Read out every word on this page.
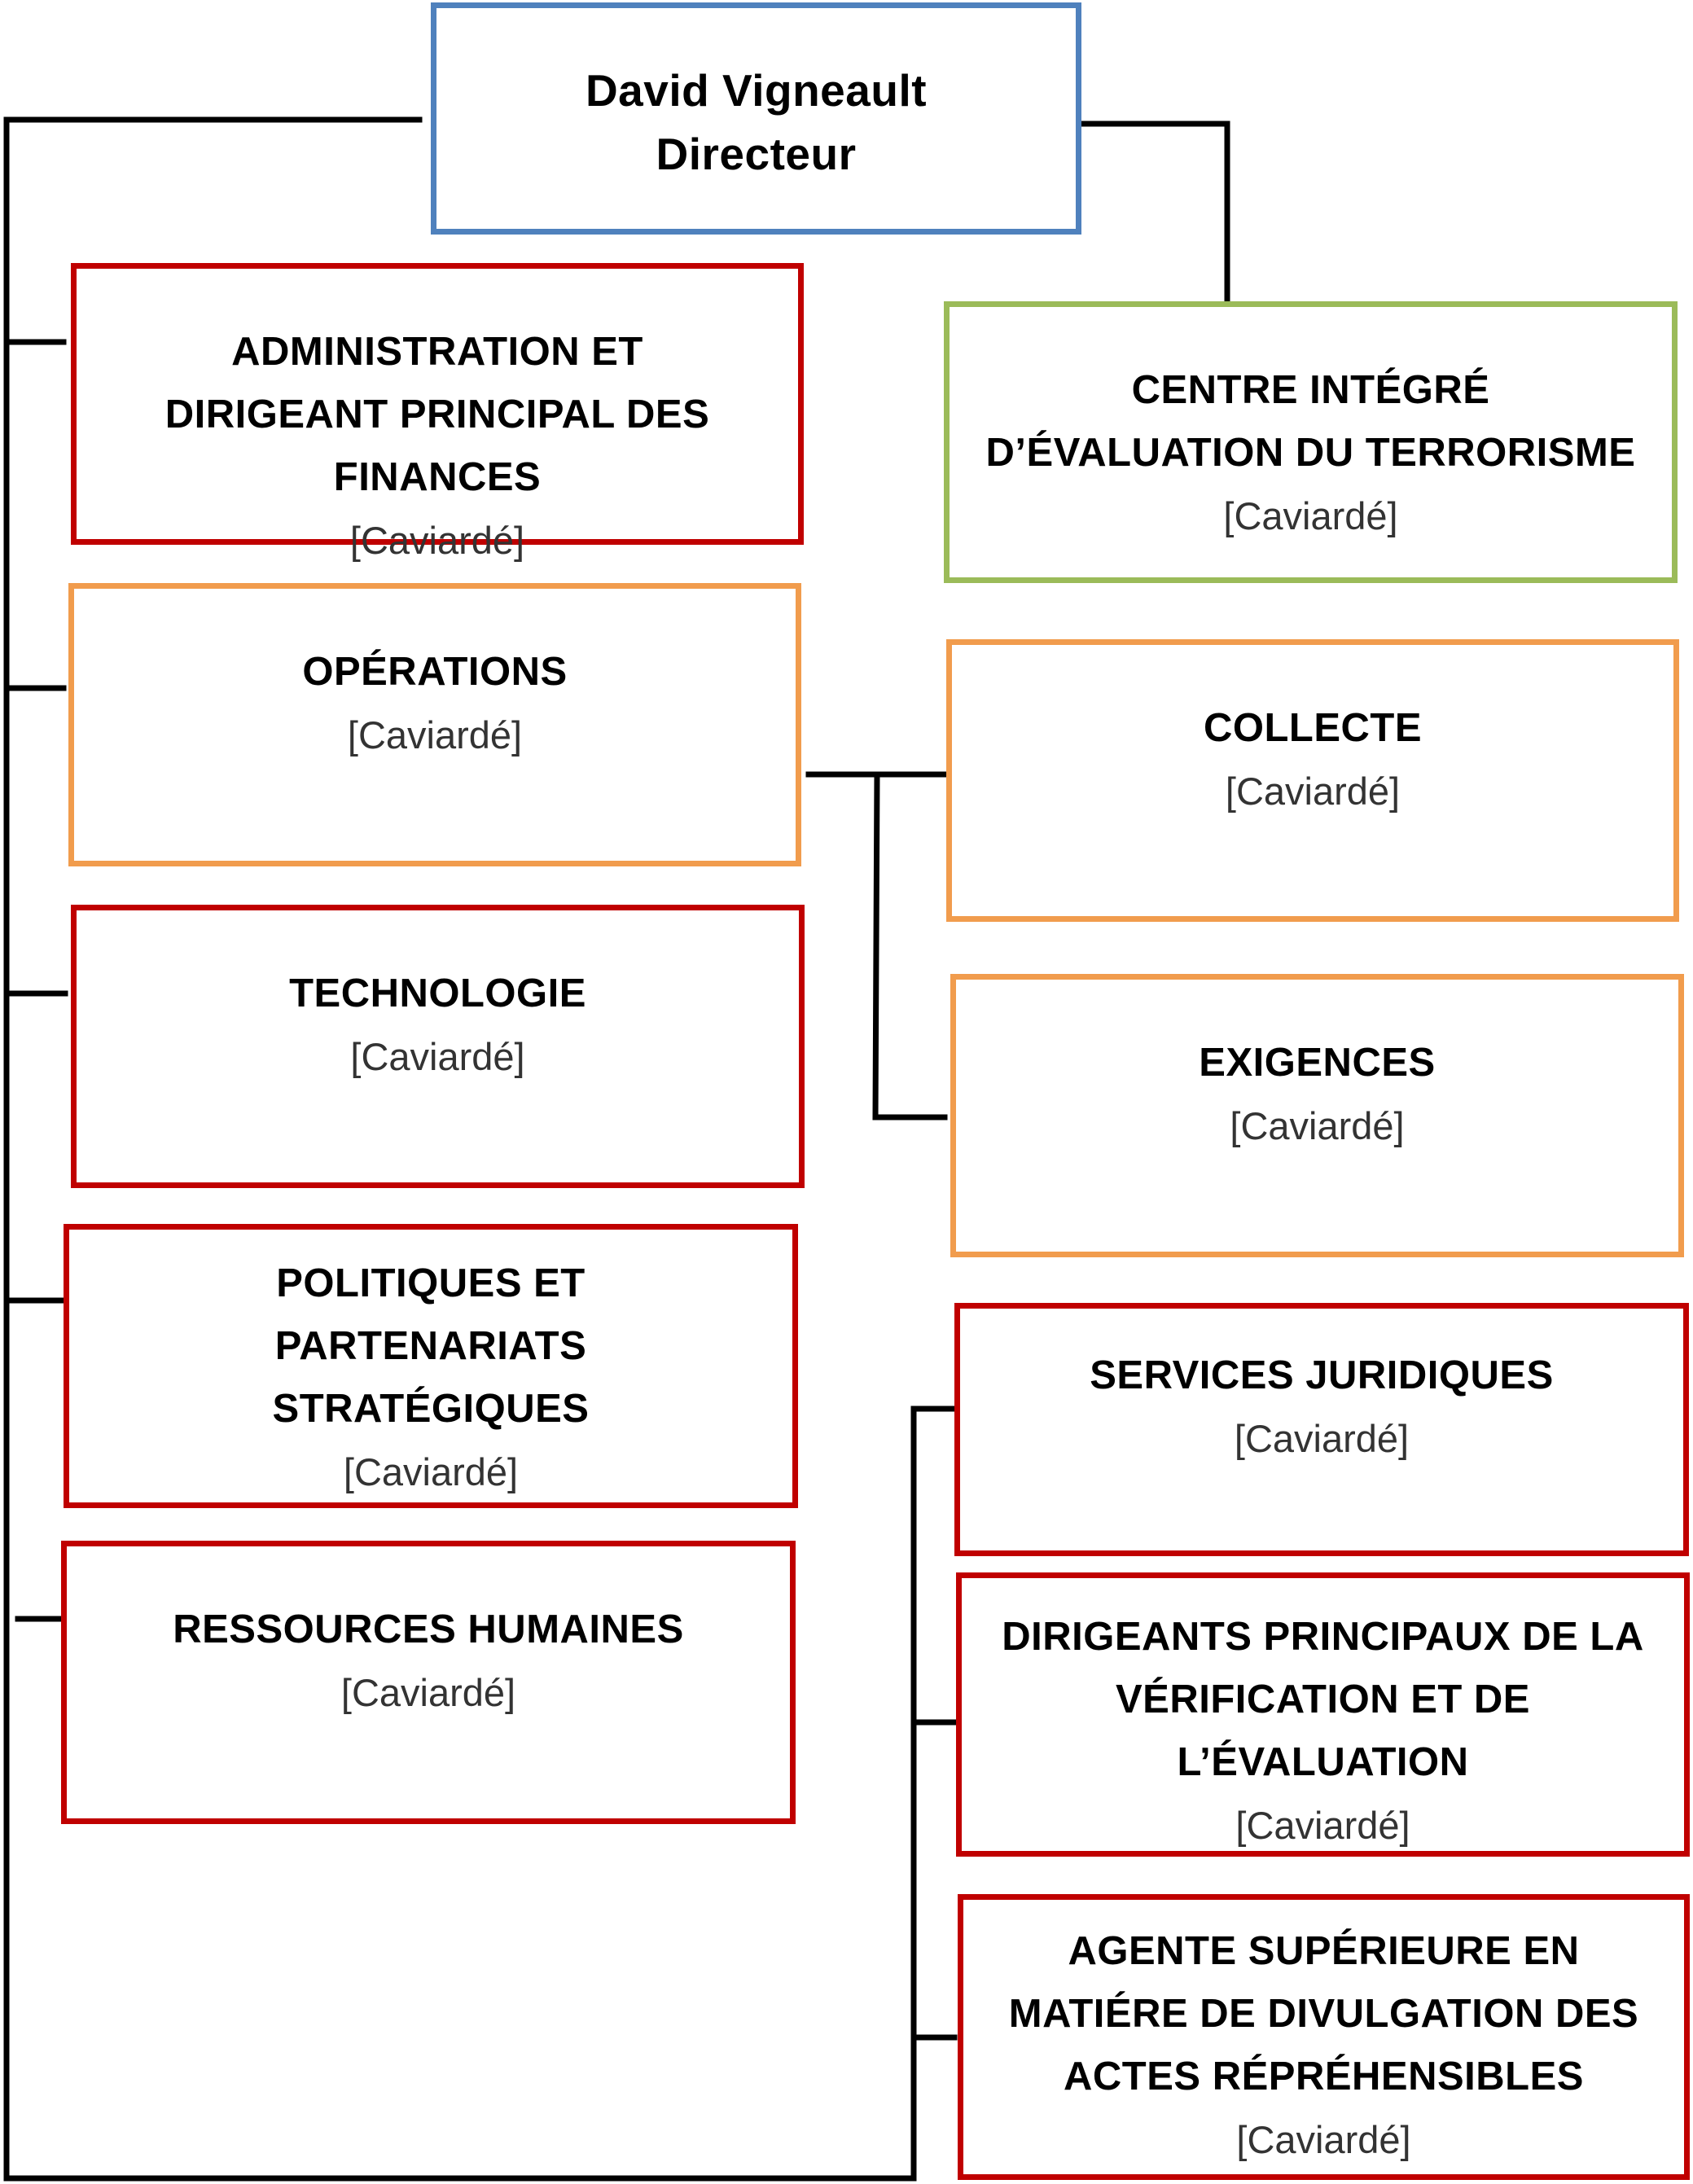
David Vigneault
Directeur
ADMINISTRATION ET DIRIGEANT PRINCIPAL DES FINANCES
[Caviardé]
CENTRE INTÉGRÉ D’ÉVALUATION DU TERRORISME
[Caviardé]
OPÉRATIONS
[Caviardé]	COLLECTE
[Caviardé]
TECHNOLOGIE
[Caviardé]	EXIGENCES
[Caviardé]
POLITIQUES ET PARTENARIATS STRATÉGIQUES
[Caviardé]
SERVICES JURIDIQUES
[Caviardé]
RESSOURCES HUMAINES
[Caviardé]
DIRIGEANTS PRINCIPAUX DE LA VÉRIFICATION ET DE L’ÉVALUATION
[Caviardé]
AGENTE SUPÉRIEURE EN MATIÉRE DE DIVULGATION DES ACTES RÉPRÉHENSIBLES
[Caviardé]
